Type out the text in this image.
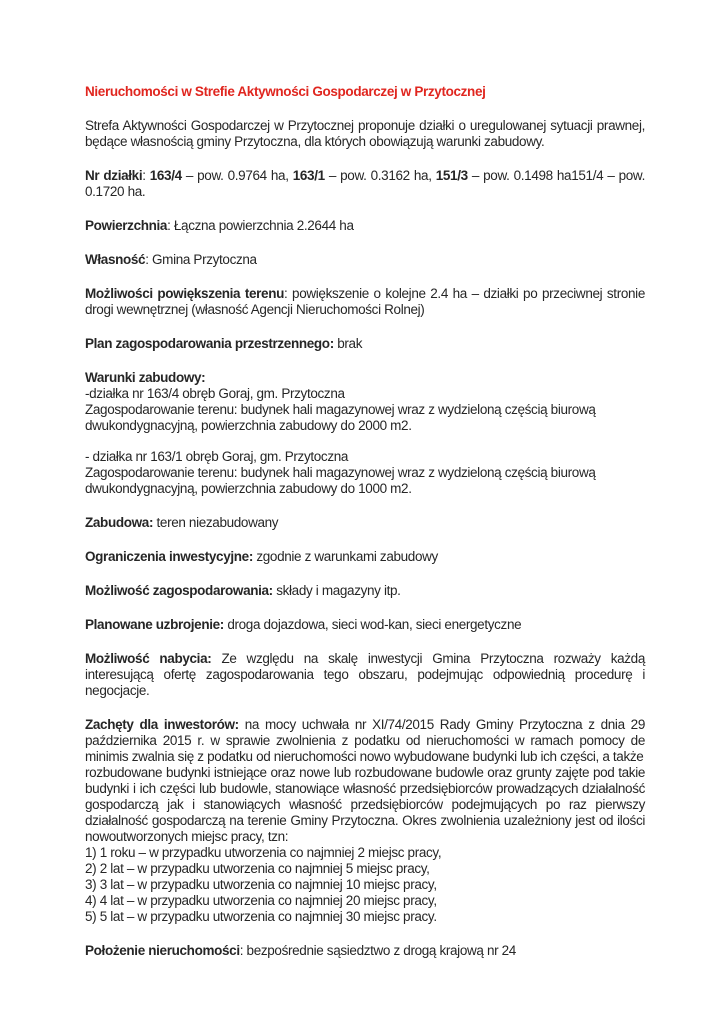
Nieruchomości w Strefie Aktywności Gospodarczej w Przytocznej

Strefa Aktywności Gospodarczej w Przytocznej proponuje działki o uregulowanej sytuacji prawnej, będące własnością gminy Przytoczna, dla których obowiązują warunki zabudowy.

Nr działki: 163/4 – pow. 0.9764 ha, 163/1 – pow. 0.3162 ha, 151/3 – pow. 0.1498 ha151/4 – pow. 0.1720 ha.

Powierzchnia: Łączna powierzchnia 2.2644 ha

Własność: Gmina Przytoczna

Możliwości powiększenia terenu: powiększenie o kolejne 2.4 ha – działki po przeciwnej stronie drogi wewnętrznej (własność Agencji Nieruchomości Rolnej)

Plan zagospodarowania przestrzennego: brak

Warunki zabudowy:
-działka nr 163/4 obręb Goraj, gm. Przytoczna
Zagospodarowanie terenu: budynek hali magazynowej wraz z wydzieloną częścią biurową dwukondygnacyjną, powierzchnia zabudowy do 2000 m2.
- działka nr 163/1 obręb Goraj, gm. Przytoczna
Zagospodarowanie terenu: budynek hali magazynowej wraz z wydzieloną częścią biurową dwukondygnacyjną, powierzchnia zabudowy do 1000 m2.

Zabudowa: teren niezabudowany

Ograniczenia inwestycyjne: zgodnie z warunkami zabudowy

Możliwość zagospodarowania: składy i magazyny itp.

Planowane uzbrojenie: droga dojazdowa, sieci wod-kan, sieci energetyczne

Możliwość nabycia: Ze względu na skalę inwestycji Gmina Przytoczna rozważy każdą interesującą ofertę zagospodarowania tego obszaru, podejmując odpowiednią procedurę i negocjacje.

Zachęty dla inwestorów: na mocy uchwała nr XI/74/2015 Rady Gminy Przytoczna z dnia 29 października 2015 r. w sprawie zwolnienia z podatku od nieruchomości w ramach pomocy de minimis zwalnia się z podatku od nieruchomości nowo wybudowane budynki lub ich części, a także
rozbudowane budynki istniejące oraz nowe lub rozbudowane budowle oraz grunty zajęte pod takie budynki i ich części lub budowle, stanowiące własność przedsiębiorców prowadzących działalność gospodarczą jak i stanowiących własność przedsiębiorców podejmujących po raz pierwszy działalność gospodarczą na terenie Gminy Przytoczna. Okres zwolnienia uzależniony jest od ilości nowoutworzonych miejsc pracy, tzn:
1) 1 roku – w przypadku utworzenia co najmniej 2 miejsc pracy,
2) 2 lat – w przypadku utworzenia co najmniej 5 miejsc pracy,
3) 3 lat – w przypadku utworzenia co najmniej 10 miejsc pracy,
4) 4 lat – w przypadku utworzenia co najmniej 20 miejsc pracy,
5) 5 lat – w przypadku utworzenia co najmniej 30 miejsc pracy.

Położenie nieruchomości: bezpośrednie sąsiedztwo z drogą krajową nr 24
